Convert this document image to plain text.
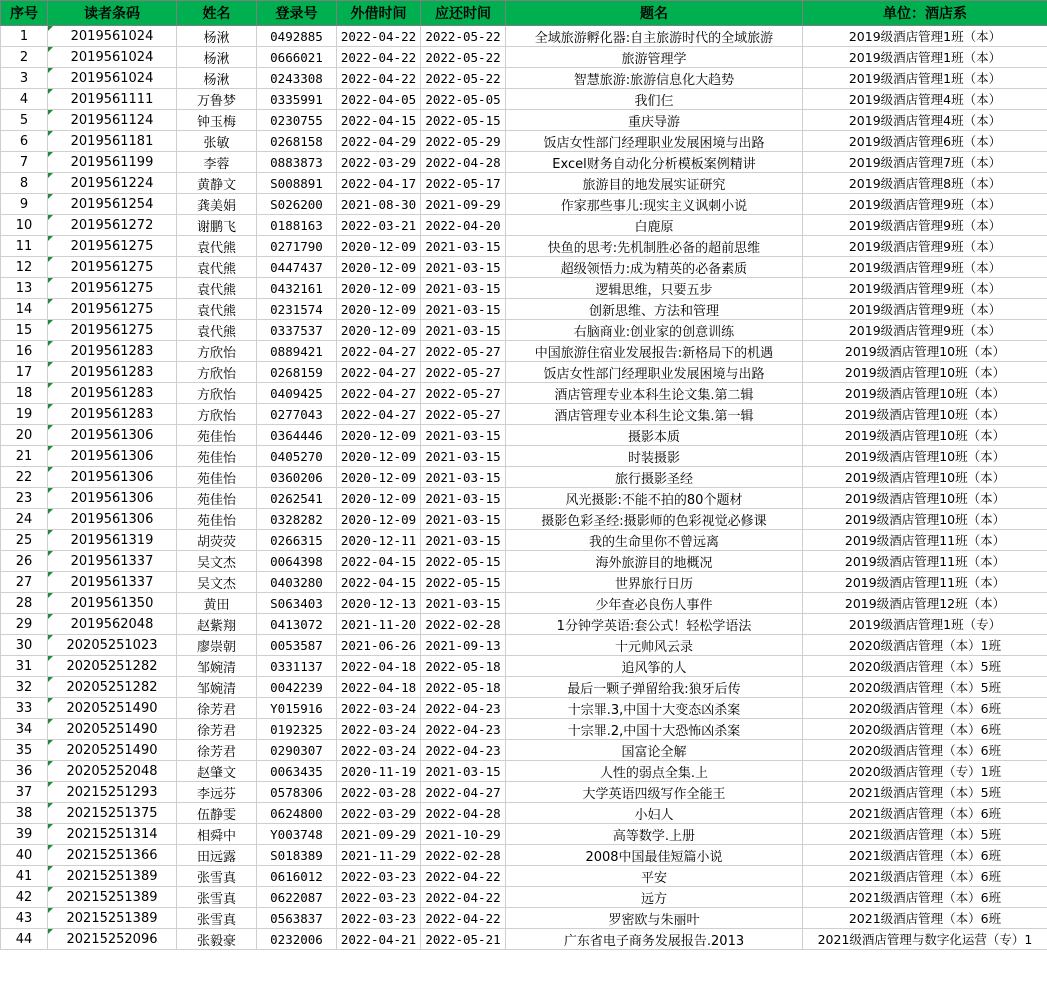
序号	读者条码	姓名	登录号	外借时间	应还时间	题名	单位：酒店系
1	2019561024	杨湫	0492885	2022-04-22	2022-05-22	全域旅游孵化器:自主旅游时代的全域旅游	2019级酒店管理1班（本）
2	2019561024	杨湫	0666021	2022-04-22	2022-05-22	旅游管理学	2019级酒店管理1班（本）
3	2019561024	杨湫	0243308	2022-04-22	2022-05-22	智慧旅游:旅游信息化大趋势	2019级酒店管理1班（本）
4	2019561111	万鲁梦	0335991	2022-04-05	2022-05-05	我们仨	2019级酒店管理4班（本）
5	2019561124	钟玉梅	0230755	2022-04-15	2022-05-15	重庆导游	2019级酒店管理4班（本）
6	2019561181	张敏	0268158	2022-04-29	2022-05-29	饭店女性部门经理职业发展困境与出路	2019级酒店管理6班（本）
7	2019561199	李蓉	0883873	2022-03-29	2022-04-28	Excel财务自动化分析模板案例精讲	2019级酒店管理7班（本）
8	2019561224	黄静文	S008891	2022-04-17	2022-05-17	旅游目的地发展实证研究	2019级酒店管理8班（本）
9	2019561254	龚美娟	S026200	2021-08-30	2021-09-29	作家那些事儿:现实主义讽刺小说	2019级酒店管理9班（本）
10	2019561272	谢鹏飞	0188163	2022-03-21	2022-04-20	白鹿原	2019级酒店管理9班（本）
11	2019561275	袁代熊	0271790	2020-12-09	2021-03-15	快鱼的思考:先机制胜必备的超前思维	2019级酒店管理9班（本）
12	2019561275	袁代熊	0447437	2020-12-09	2021-03-15	超级领悟力:成为精英的必备素质	2019级酒店管理9班（本）
13	2019561275	袁代熊	0432161	2020-12-09	2021-03-15	逻辑思维，只要五步	2019级酒店管理9班（本）
14	2019561275	袁代熊	0231574	2020-12-09	2021-03-15	创新思维、方法和管理	2019级酒店管理9班（本）
15	2019561275	袁代熊	0337537	2020-12-09	2021-03-15	右脑商业:创业家的创意训练	2019级酒店管理9班（本）
16	2019561283	方欣怡	0889421	2022-04-27	2022-05-27	中国旅游住宿业发展报告:新格局下的机遇	2019级酒店管理10班（本）
17	2019561283	方欣怡	0268159	2022-04-27	2022-05-27	饭店女性部门经理职业发展困境与出路	2019级酒店管理10班（本）
18	2019561283	方欣怡	0409425	2022-04-27	2022-05-27	酒店管理专业本科生论文集.第二辑	2019级酒店管理10班（本）
19	2019561283	方欣怡	0277043	2022-04-27	2022-05-27	酒店管理专业本科生论文集.第一辑	2019级酒店管理10班（本）
20	2019561306	苑佳怡	0364446	2020-12-09	2021-03-15	摄影本质	2019级酒店管理10班（本）
21	2019561306	苑佳怡	0405270	2020-12-09	2021-03-15	时装摄影	2019级酒店管理10班（本）
22	2019561306	苑佳怡	0360206	2020-12-09	2021-03-15	旅行摄影圣经	2019级酒店管理10班（本）
23	2019561306	苑佳怡	0262541	2020-12-09	2021-03-15	风光摄影:不能不拍的80个题材	2019级酒店管理10班（本）
24	2019561306	苑佳怡	0328282	2020-12-09	2021-03-15	摄影色彩圣经:摄影师的色彩视觉必修课	2019级酒店管理10班（本）
25	2019561319	胡荧荧	0266315	2020-12-11	2021-03-15	我的生命里你不曾远离	2019级酒店管理11班（本）
26	2019561337	吴文杰	0064398	2022-04-15	2022-05-15	海外旅游目的地概况	2019级酒店管理11班（本）
27	2019561337	吴文杰	0403280	2022-04-15	2022-05-15	世界旅行日历	2019级酒店管理11班（本）
28	2019561350	黄田	S063403	2020-12-13	2021-03-15	少年查必良伤人事件	2019级酒店管理12班（本）
29	2019562048	赵紫翔	0413072	2021-11-20	2022-02-28	1分钟学英语:套公式！轻松学语法	2019级酒店管理1班（专）
30	20205251023	廖崇朝	0053587	2021-06-26	2021-09-13	十元帅风云录	2020级酒店管理（本）1班
31	20205251282	邹婉清	0331137	2022-04-18	2022-05-18	追风筝的人	2020级酒店管理（本）5班
32	20205251282	邹婉清	0042239	2022-04-18	2022-05-18	最后一颗子弹留给我:狼牙后传	2020级酒店管理（本）5班
33	20205251490	徐芳君	Y015916	2022-03-24	2022-04-23	十宗罪.3,中国十大变态凶杀案	2020级酒店管理（本）6班
34	20205251490	徐芳君	0192325	2022-03-24	2022-04-23	十宗罪.2,中国十大恐怖凶杀案	2020级酒店管理（本）6班
35	20205251490	徐芳君	0290307	2022-03-24	2022-04-23	国富论全解	2020级酒店管理（本）6班
36	20205252048	赵肇文	0063435	2020-11-19	2021-03-15	人性的弱点全集.上	2020级酒店管理（专）1班
37	20215251293	李远芬	0578306	2022-03-28	2022-04-27	大学英语四级写作全能王	2021级酒店管理（本）5班
38	20215251375	伍静雯	0624800	2022-03-29	2022-04-28	小妇人	2021级酒店管理（本）6班
39	20215251314	相舜中	Y003748	2021-09-29	2021-10-29	高等数学.上册	2021级酒店管理（本）5班
40	20215251366	田远露	S018389	2021-11-29	2022-02-28	2008中国最佳短篇小说	2021级酒店管理（本）6班
41	20215251389	张雪真	0616012	2022-03-23	2022-04-22	平安	2021级酒店管理（本）6班
42	20215251389	张雪真	0622087	2022-03-23	2022-04-22	远方	2021级酒店管理（本）6班
43	20215251389	张雪真	0563837	2022-03-23	2022-04-22	罗密欧与朱丽叶	2021级酒店管理（本）6班
44	20215252096	张毅豪	0232006	2022-04-21	2022-05-21	广东省电子商务发展报告.2013	2021级酒店管理与数字化运营（专）1
